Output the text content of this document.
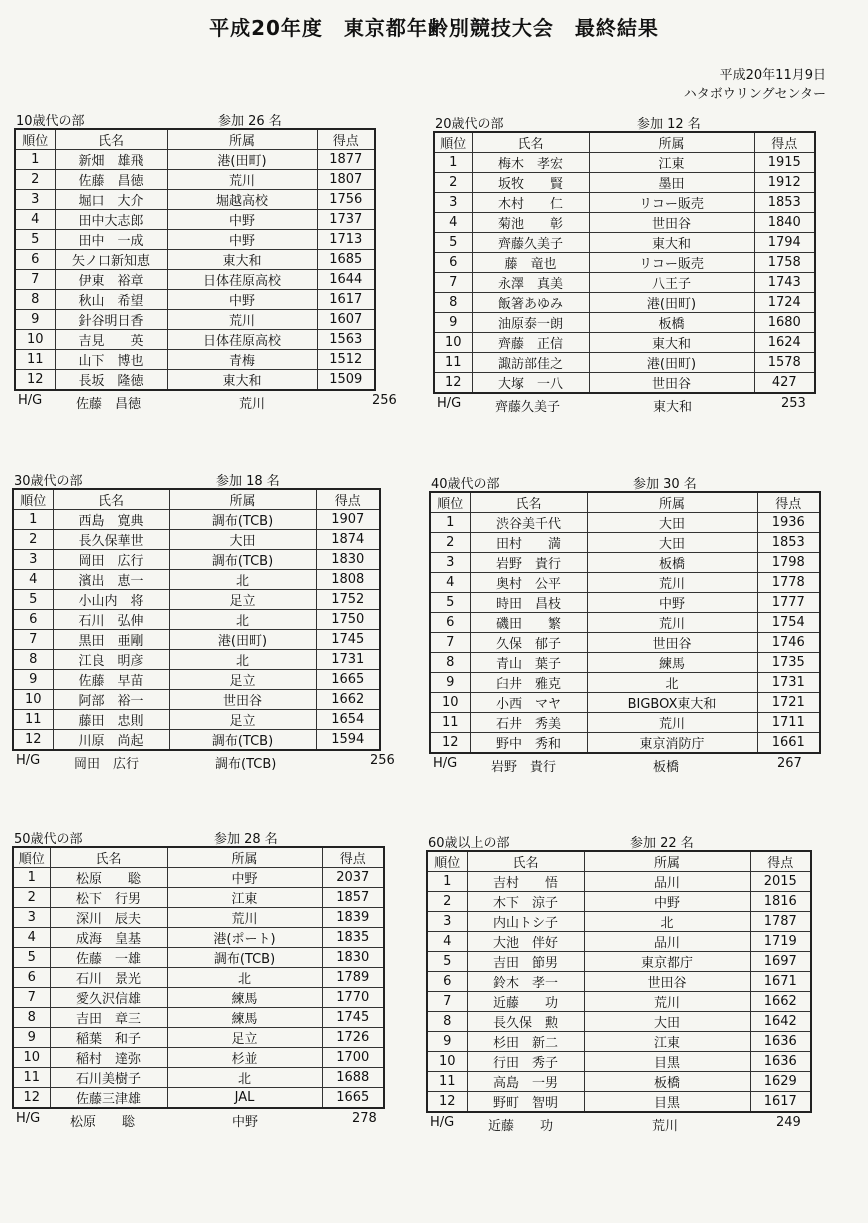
平成20年度　東京都年齢別競技大会　最終結果
平成20年11月9日
ハタボウリングセンター
10歳代の部	参加 26 名
順位	氏名	所属	得点
1	新畑　雄飛	港(田町)	1877
2	佐藤　昌徳	荒川	1807
3	堀口　大介	堀越高校	1756
4	田中大志郎	中野	1737
5	田中　一成	中野	1713
6	矢ノ口新知恵	東大和	1685
7	伊東　裕章	日体荏原高校	1644
8	秋山　希望	中野	1617
9	針谷明日香	荒川	1607
10	吉見　　英	日体荏原高校	1563
11	山下　博也	青梅	1512
12	長坂　隆徳	東大和	1509
H/G	佐藤　昌徳	荒川	256
20歳代の部	参加 12 名
順位	氏名	所属	得点
1	梅木　孝宏	江東	1915
2	坂牧　　賢	墨田	1912
3	木村　　仁	リコー販売	1853
4	菊池　　彰	世田谷	1840
5	齊藤久美子	東大和	1794
6	藤　竜也	リコー販売	1758
7	永澤　真美	八王子	1743
8	飯箸あゆみ	港(田町)	1724
9	油原泰一朗	板橋	1680
10	齊藤　正信	東大和	1624
11	諏訪部佳之	港(田町)	1578
12	大塚　一八	世田谷	427
H/G	齊藤久美子	東大和	253
30歳代の部	参加 18 名
順位	氏名	所属	得点
1	西島　寛典	調布(TCB)	1907
2	長久保華世	大田	1874
3	岡田　広行	調布(TCB)	1830
4	濱出　恵一	北	1808
5	小山内　将	足立	1752
6	石川　弘伸	北	1750
7	黒田　亜剛	港(田町)	1745
8	江良　明彦	北	1731
9	佐藤　早苗	足立	1665
10	阿部　裕一	世田谷	1662
11	藤田　忠則	足立	1654
12	川原　尚起	調布(TCB)	1594
H/G	岡田　広行	調布(TCB)	256
40歳代の部	参加 30 名
順位	氏名	所属	得点
1	渋谷美千代	大田	1936
2	田村　　満	大田	1853
3	岩野　貴行	板橋	1798
4	奥村　公平	荒川	1778
5	時田　昌枝	中野	1777
6	磯田　　繁	荒川	1754
7	久保　郁子	世田谷	1746
8	青山　葉子	練馬	1735
9	臼井　雅克	北	1731
10	小西　マヤ	BIGBOX東大和	1721
11	石井　秀美	荒川	1711
12	野中　秀和	東京消防庁	1661
H/G	岩野　貴行	板橋	267
50歳代の部	参加 28 名
順位	氏名	所属	得点
1	松原　　聡	中野	2037
2	松下　行男	江東	1857
3	深川　辰夫	荒川	1839
4	成海　皇基	港(ポート)	1835
5	佐藤　一雄	調布(TCB)	1830
6	石川　景光	北	1789
7	愛久沢信雄	練馬	1770
8	吉田　章三	練馬	1745
9	稲葉　和子	足立	1726
10	稲村　達弥	杉並	1700
11	石川美樹子	北	1688
12	佐藤三津雄	JAL	1665
H/G 松原　　聡	中野	278
60歳以上の部	参加 22 名
順位	氏名	所属	得点
1	吉村　　悟	品川	2015
2	木下　涼子	中野	1816
3	内山トシ子	北	1787
4	大池　伴好	品川	1719
5	吉田　節男	東京都庁	1697
6	鈴木　孝一	世田谷	1671
7	近藤　　功	荒川	1662
8	長久保　勲	大田	1642
9	杉田　新二	江東	1636
10	行田　秀子	目黒	1636
11	高島　一男	板橋	1629
12	野町　智明	目黒	1617
H/G	近藤　　功	荒川	249
